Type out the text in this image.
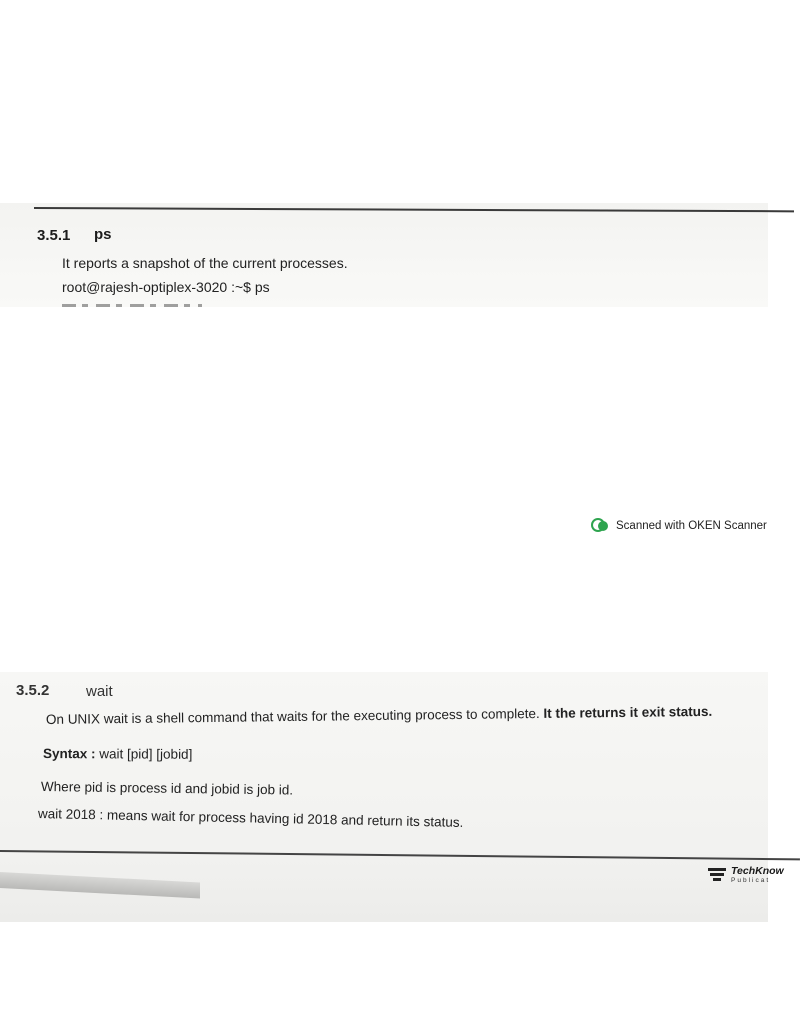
3.5.1 ps
It reports a snapshot of the current processes.
root@rajesh-optiplex-3020 :~$ ps
Scanned with OKEN Scanner
3.5.2 wait
On UNIX wait is a shell command that waits for the executing process to complete. It the returns it exit status.
Syntax : wait [pid] [jobid]
Where pid is process id and jobid is job id.
wait 2018 : means wait for process having id 2018 and return its status.
TechKnow
Publicat
